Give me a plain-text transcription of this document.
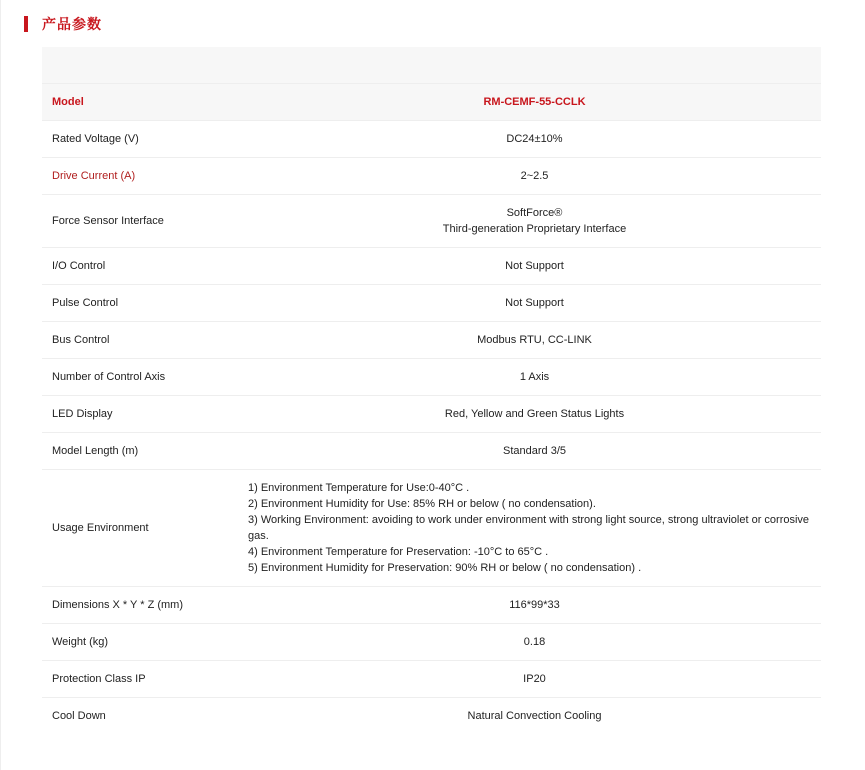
产品参数

Model	RM-CEMF-55-CCLK
Rated Voltage (V)	DC24±10%
Drive Current (A)	2~2.5
Force Sensor Interface	SoftForce®
Third-generation Proprietary Interface

I/O Control	Not Support
Pulse Control	Not Support
Bus Control	Modbus RTU, CC-LINK
Number of Control Axis	1 Axis
LED Display	Red, Yellow and Green Status Lights
Model Length (m)	Standard 3/5
Usage Environment	1) Environment Temperature for Use:0-40°C .
2) Environment Humidity for Use: 85% RH or below ( no condensation).
3) Working Environment: avoiding to work under environment with strong light source, strong ultraviolet or corrosive gas.
4) Environment Temperature for Preservation: -10°C to 65°C .
5) Environment Humidity for Preservation: 90% RH or below ( no condensation) .

Dimensions X * Y * Z (mm)	116*99*33
Weight (kg)	0.18
Protection Class IP	IP20
Cool Down	Natural Convection Cooling
